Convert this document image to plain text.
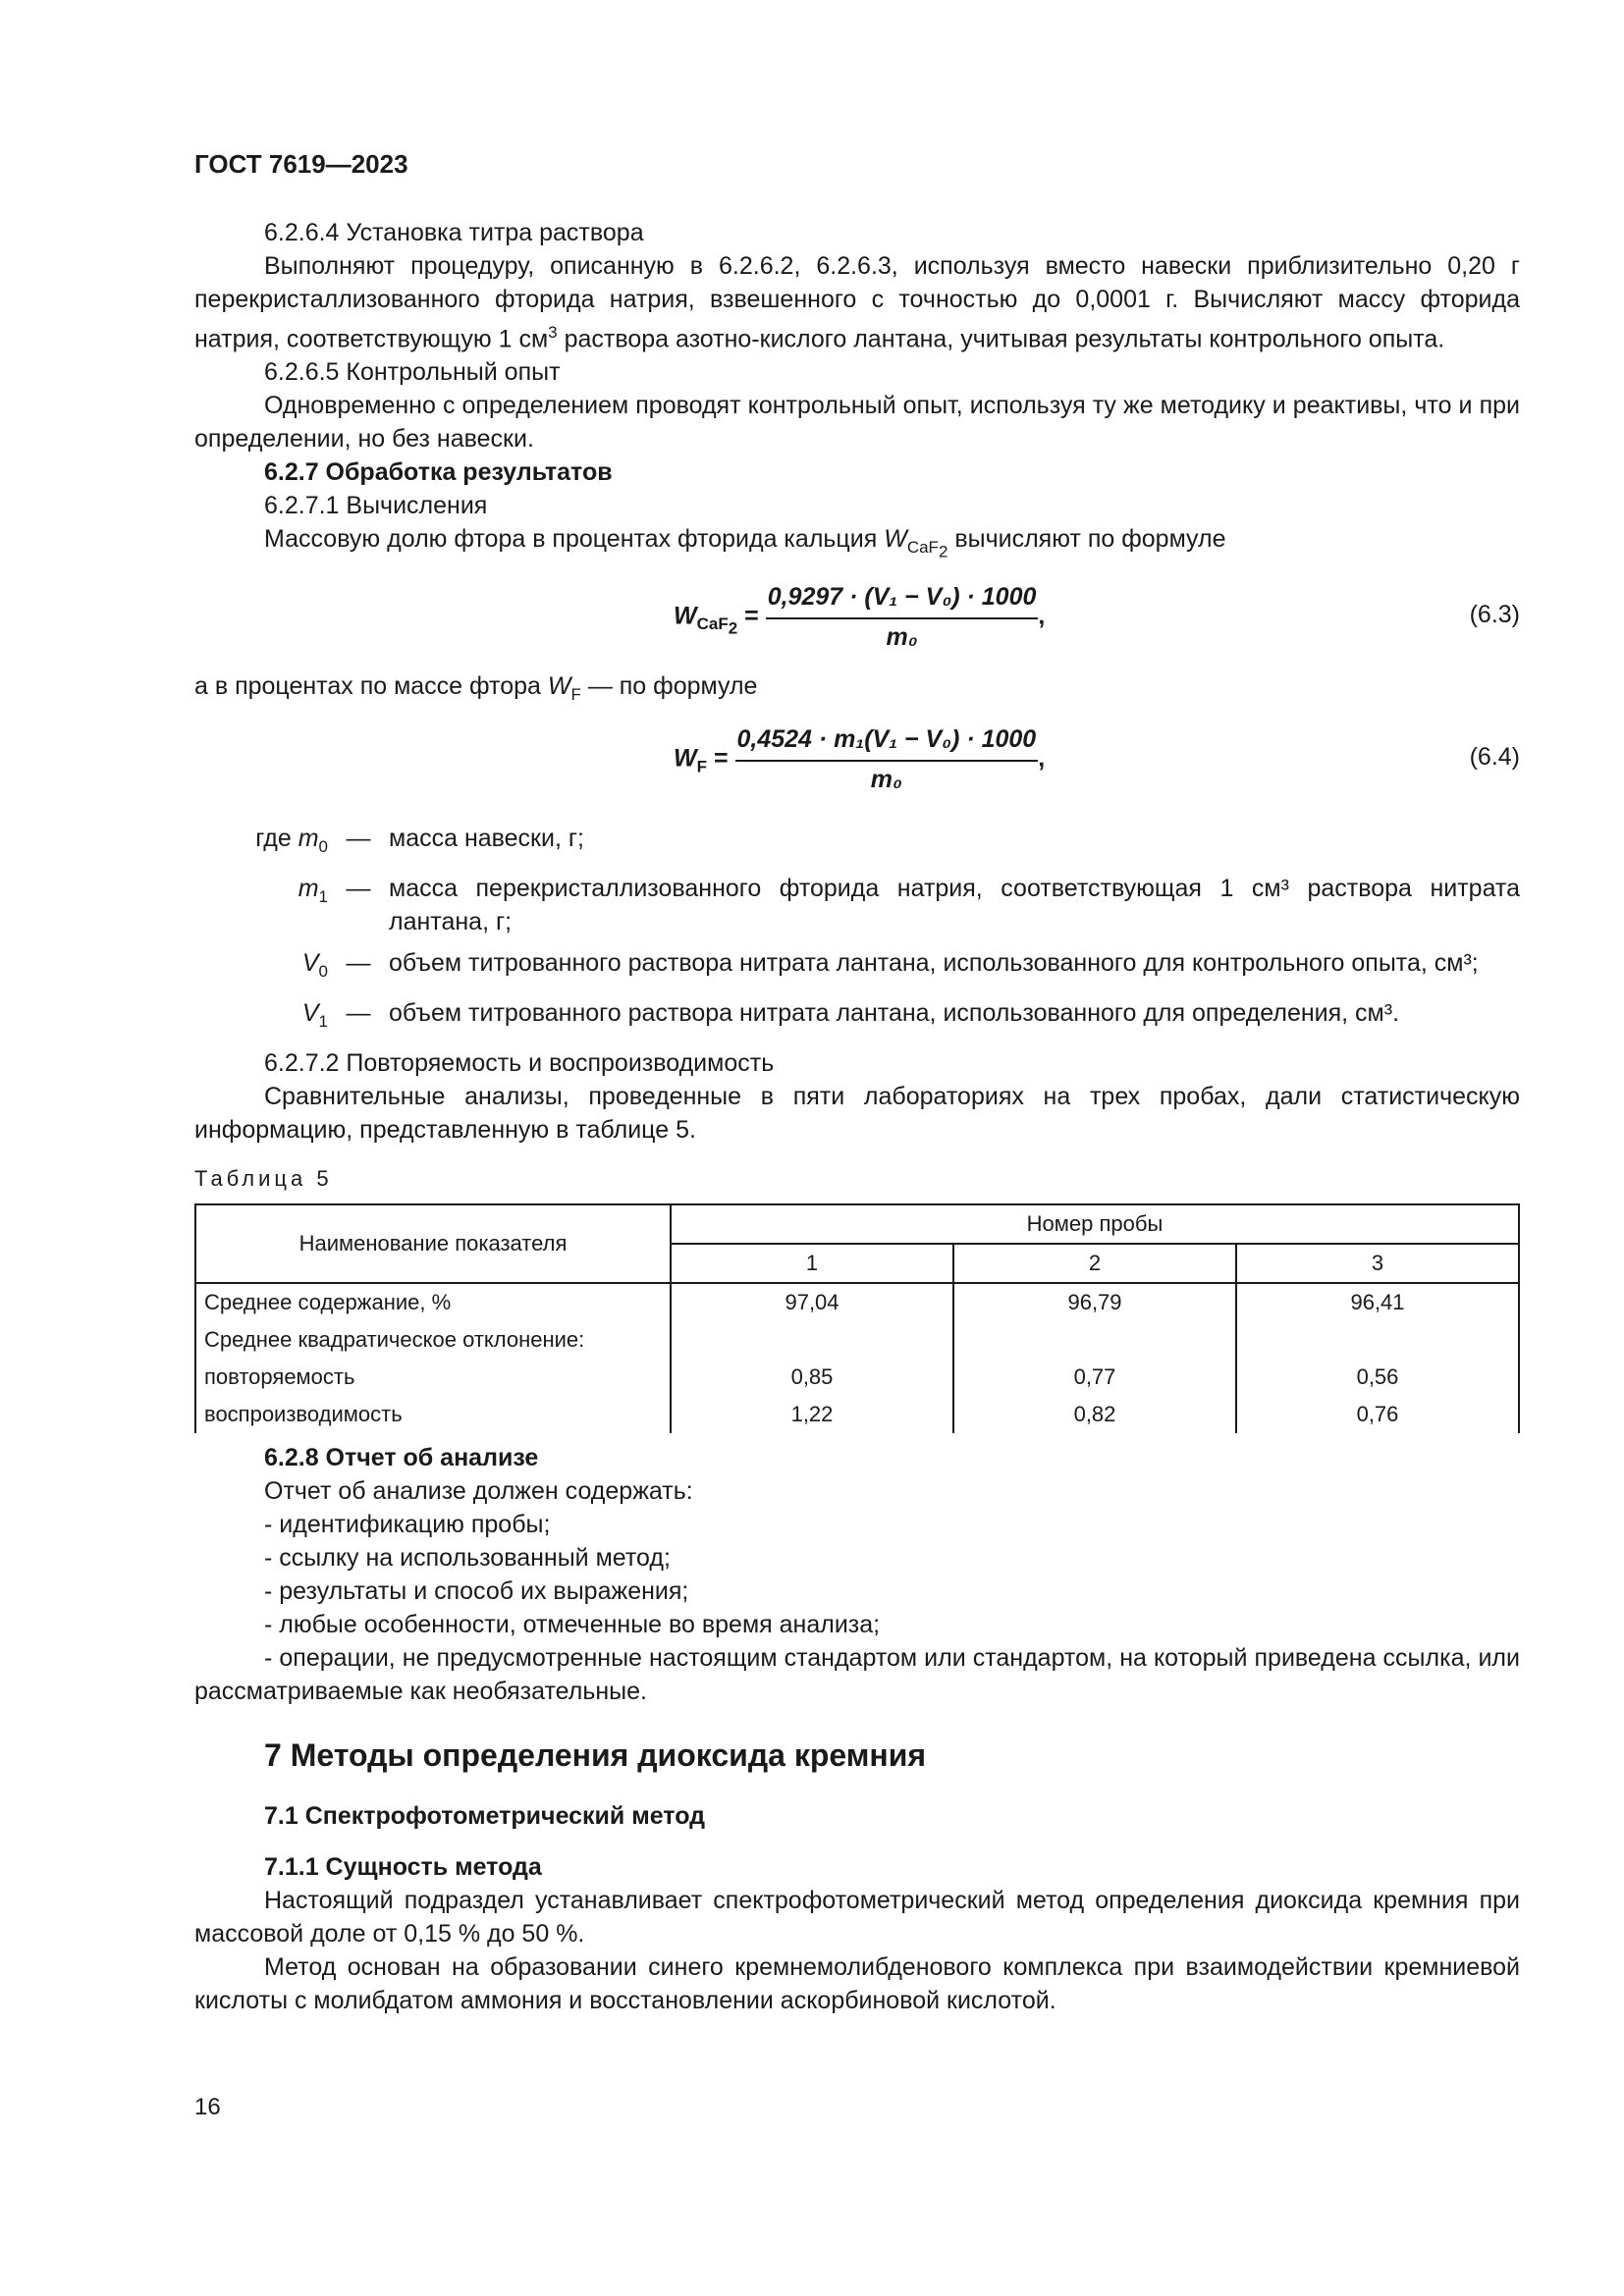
ГОСТ 7619—2023

6.2.6.4 Установка титра раствора

Выполняют процедуру, описанную в 6.2.6.2, 6.2.6.3, используя вместо навески приблизительно 0,20 г перекристаллизованного фторида натрия, взвешенного с точностью до 0,0001 г. Вычисляют массу фторида натрия, соответствующую 1 $см^3$ раствора азотно-кислого лантана, учитывая результаты контрольного опыта.

6.2.6.5 Контрольный опыт

Одновременно с определением проводят контрольный опыт, используя ту же методику и реактивы, что и при определении, но без навески.

6.2.7 Обработка результатов

6.2.7.1 Вычисления

Массовую долю фтора в процентах фторида кальция $W_{CaF_2}$ вычисляют по формуле

$W_{CaF_2} = \frac{\text{0,9297 · (V₁ − V₀) · 1000}}{\text{m₀}}$ ,	(6.3)

а в процентах по массе фтора $W_F$ — по формуле

$W_F = \frac{\text{0,4524 · m₁(V₁ − V₀) · 1000}}{\text{m₀}}$ ,	(6.4)
где $m_0$ — масса навески, г;
$m_1$ — масса перекристаллизованного фторида натрия, соответствующая 1 см³ раствора нитрата лантана, г;
$V_0$ — объем титрованного раствора нитрата лантана, использованного для контрольного опыта, см³;
$V_1$ — объем титрованного раствора нитрата лантана, использованного для определения, см³.

6.2.7.2 Повторяемость и воспроизводимость

Сравнительные анализы, проведенные в пяти лабораториях на трех пробах, дали статистическую информацию, представленную в таблице 5.

Таблица 5
Наименование показателя	Номер пробы		
	1	2	3
Среднее содержание, %	97,04	96,79	96,41
Среднее квадратическое отклонение:			
повторяемость	0,85	0,77	0,56
воспроизводимость	1,22	0,82	0,76

6.2.8 Отчет об анализе

Отчет об анализе должен содержать:

- идентификацию пробы;

- ссылку на использованный метод;

- результаты и способ их выражения;

- любые особенности, отмеченные во время анализа;

- операции, не предусмотренные настоящим стандартом или стандартом, на который приведена ссылка, или рассматриваемые как необязательные.

7 Методы определения диоксида кремния
7.1 Спектрофотометрический метод
7.1.1 Сущность метода

Настоящий подраздел устанавливает спектрофотометрический метод определения диоксида кремния при массовой доле от 0,15 % до 50 %.

Метод основан на образовании синего кремнемолибденового комплекса при взаимодействии кремниевой кислоты с молибдатом аммония и восстановлении аскорбиновой кислотой.

16
